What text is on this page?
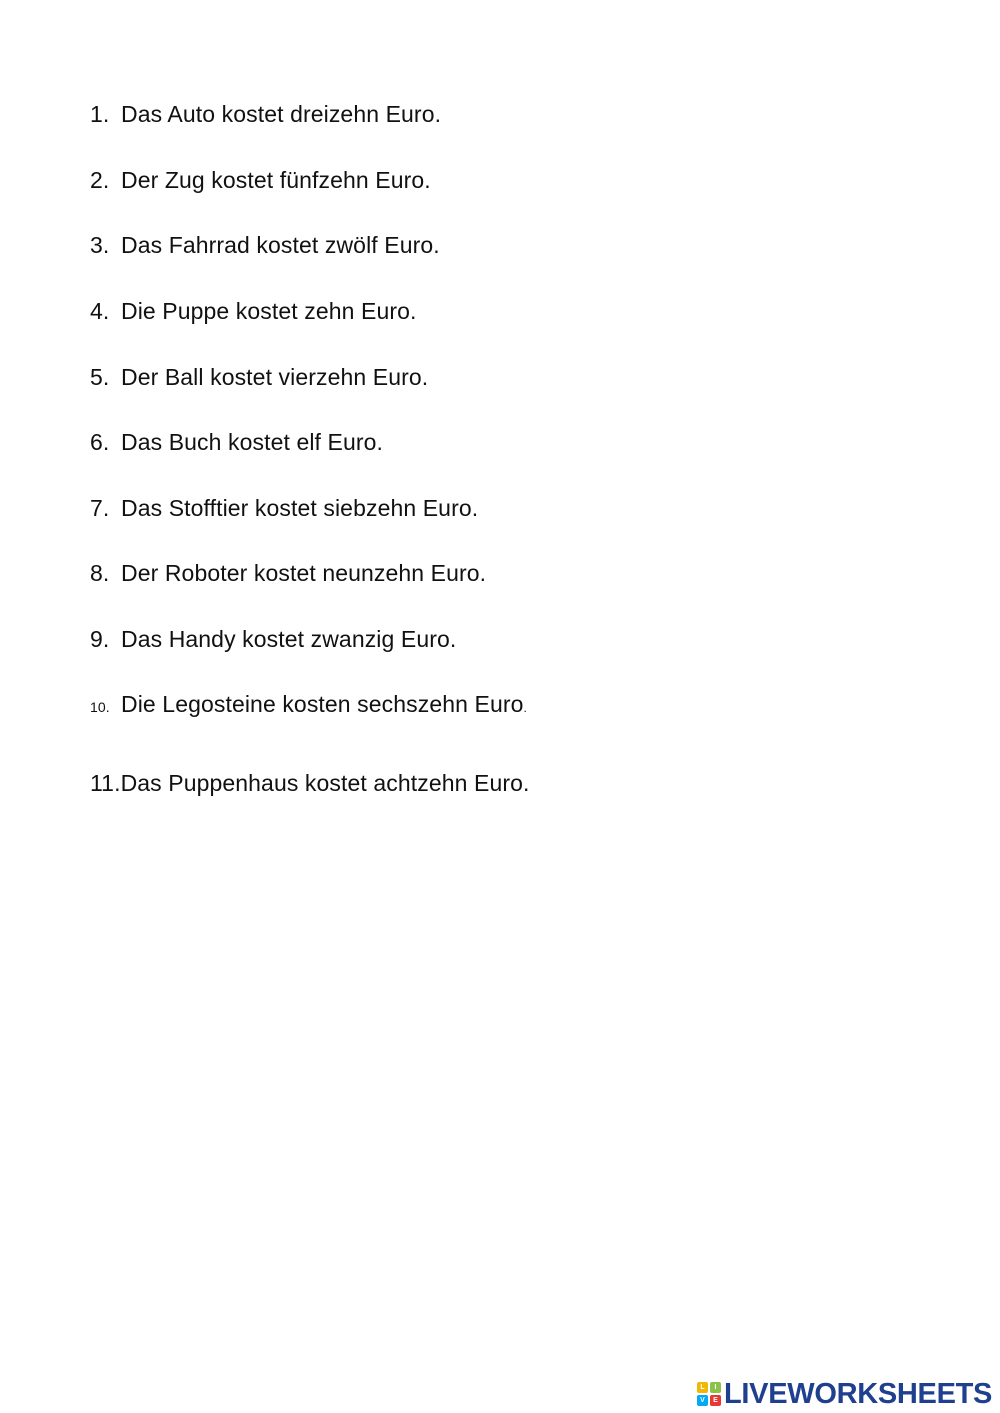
1. Das Auto kostet dreizehn Euro.
2. Der Zug kostet fünfzehn Euro.
3. Das Fahrrad kostet zwölf Euro.
4. Die Puppe kostet zehn Euro.
5. Der Ball kostet vierzehn Euro.
6. Das Buch kostet elf Euro.
7. Das Stofftier kostet siebzehn Euro.
8. Der Roboter kostet neunzehn Euro.
9. Das Handy kostet zwanzig Euro.
10. Die Legosteine kosten sechszehn Euro.
11.Das Puppenhaus kostet achtzehn Euro.
L	I
V	E LIVEWORKSHEETS
